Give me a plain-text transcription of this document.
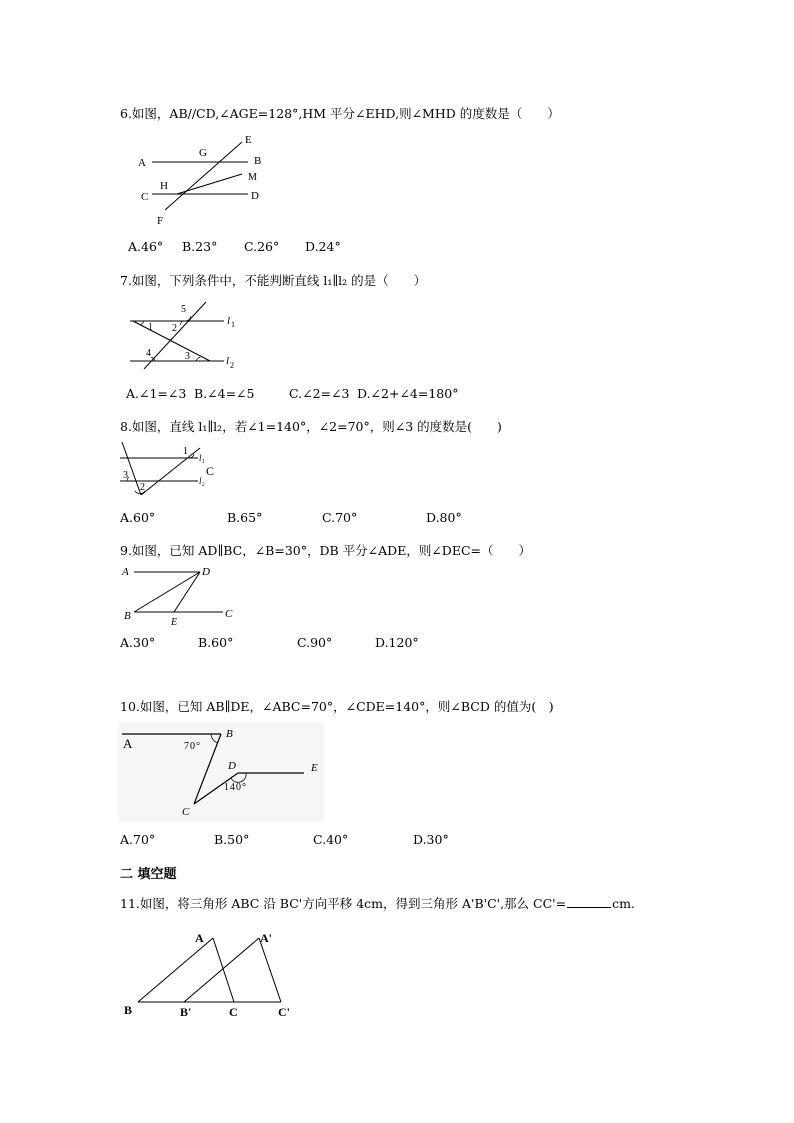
6.如图，AB//CD,∠AGE=128°,HM 平分∠EHD,则∠MHD 的度数是（　　）
A	B
C	D
E
F
G
H
M
A.46° B.23° C.26° D.24°
7.如图，下列条件中，不能判断直线 l₁∥l₂ 的是（　　）
1 2
3
4
5
l 1
l 2
A.∠1=∠3 B.∠4=∠5	C.∠2=∠3 D.∠2+∠4=180°
8.如图，直线 l₁∥l₂，若∠1=140°，∠2=70°，则∠3 的度数是(　　)
1
2
3	C
l₁
l₂
A.60°	B.65°	C.70°	D.80°
9.如图，已知 AD∥BC，∠B=30°，DB 平分∠ADE，则∠DEC=（　　）
A
B	C
D
E
A.30°	B.60°	C.90°	D.120°
10.如图，已知 AB∥DE，∠ABC=70°，∠CDE=140°，则∠BCD 的值为(　)
A
B
C
D	E
70°
140°
A.70°	B.50°	C.40°	D.30°
二 填空题
11.如图，将三角形 ABC 沿 BC'方向平移 4cm，得到三角形 A'B'C',那么 CC'=	cm.
A	A'
B	B'	C	C'
